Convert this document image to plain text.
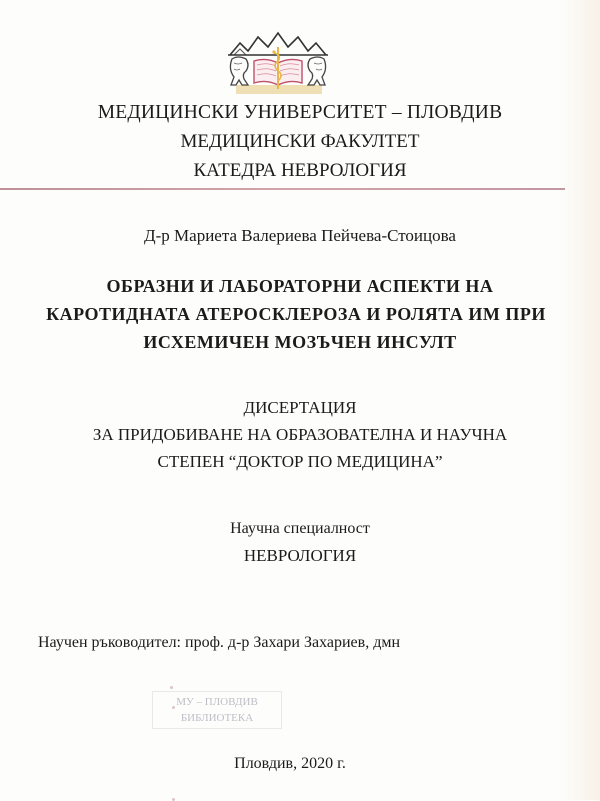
МЕДИЦИНСКИ УНИВЕРСИТЕТ – ПЛОВДИВ
МЕДИЦИНСКИ ФАКУЛТЕТ
КАТЕДРА НЕВРОЛОГИЯ
Д-р Мариета Валериева Пейчева-Стоицова
ОБРАЗНИ И ЛАБОРАТОРНИ АСПЕКТИ НА
КАРОТИДНАТА АТЕРОСКЛЕРОЗА И РОЛЯТА ИМ ПРИ
ИСХЕМИЧЕН МОЗЪЧЕН ИНСУЛТ
ДИСЕРТАЦИЯ
ЗА ПРИДОБИВАНЕ НА ОБРАЗОВАТЕЛНА И НАУЧНА
СТЕПЕН “ДОКТОР ПО МЕДИЦИНА”
Научна специалност
НЕВРОЛОГИЯ
Научен ръководител: проф. д-р Захари Захариев, дмн
МУ – ПЛОВДИВ
БИБЛИОТЕКА
Пловдив, 2020 г.
